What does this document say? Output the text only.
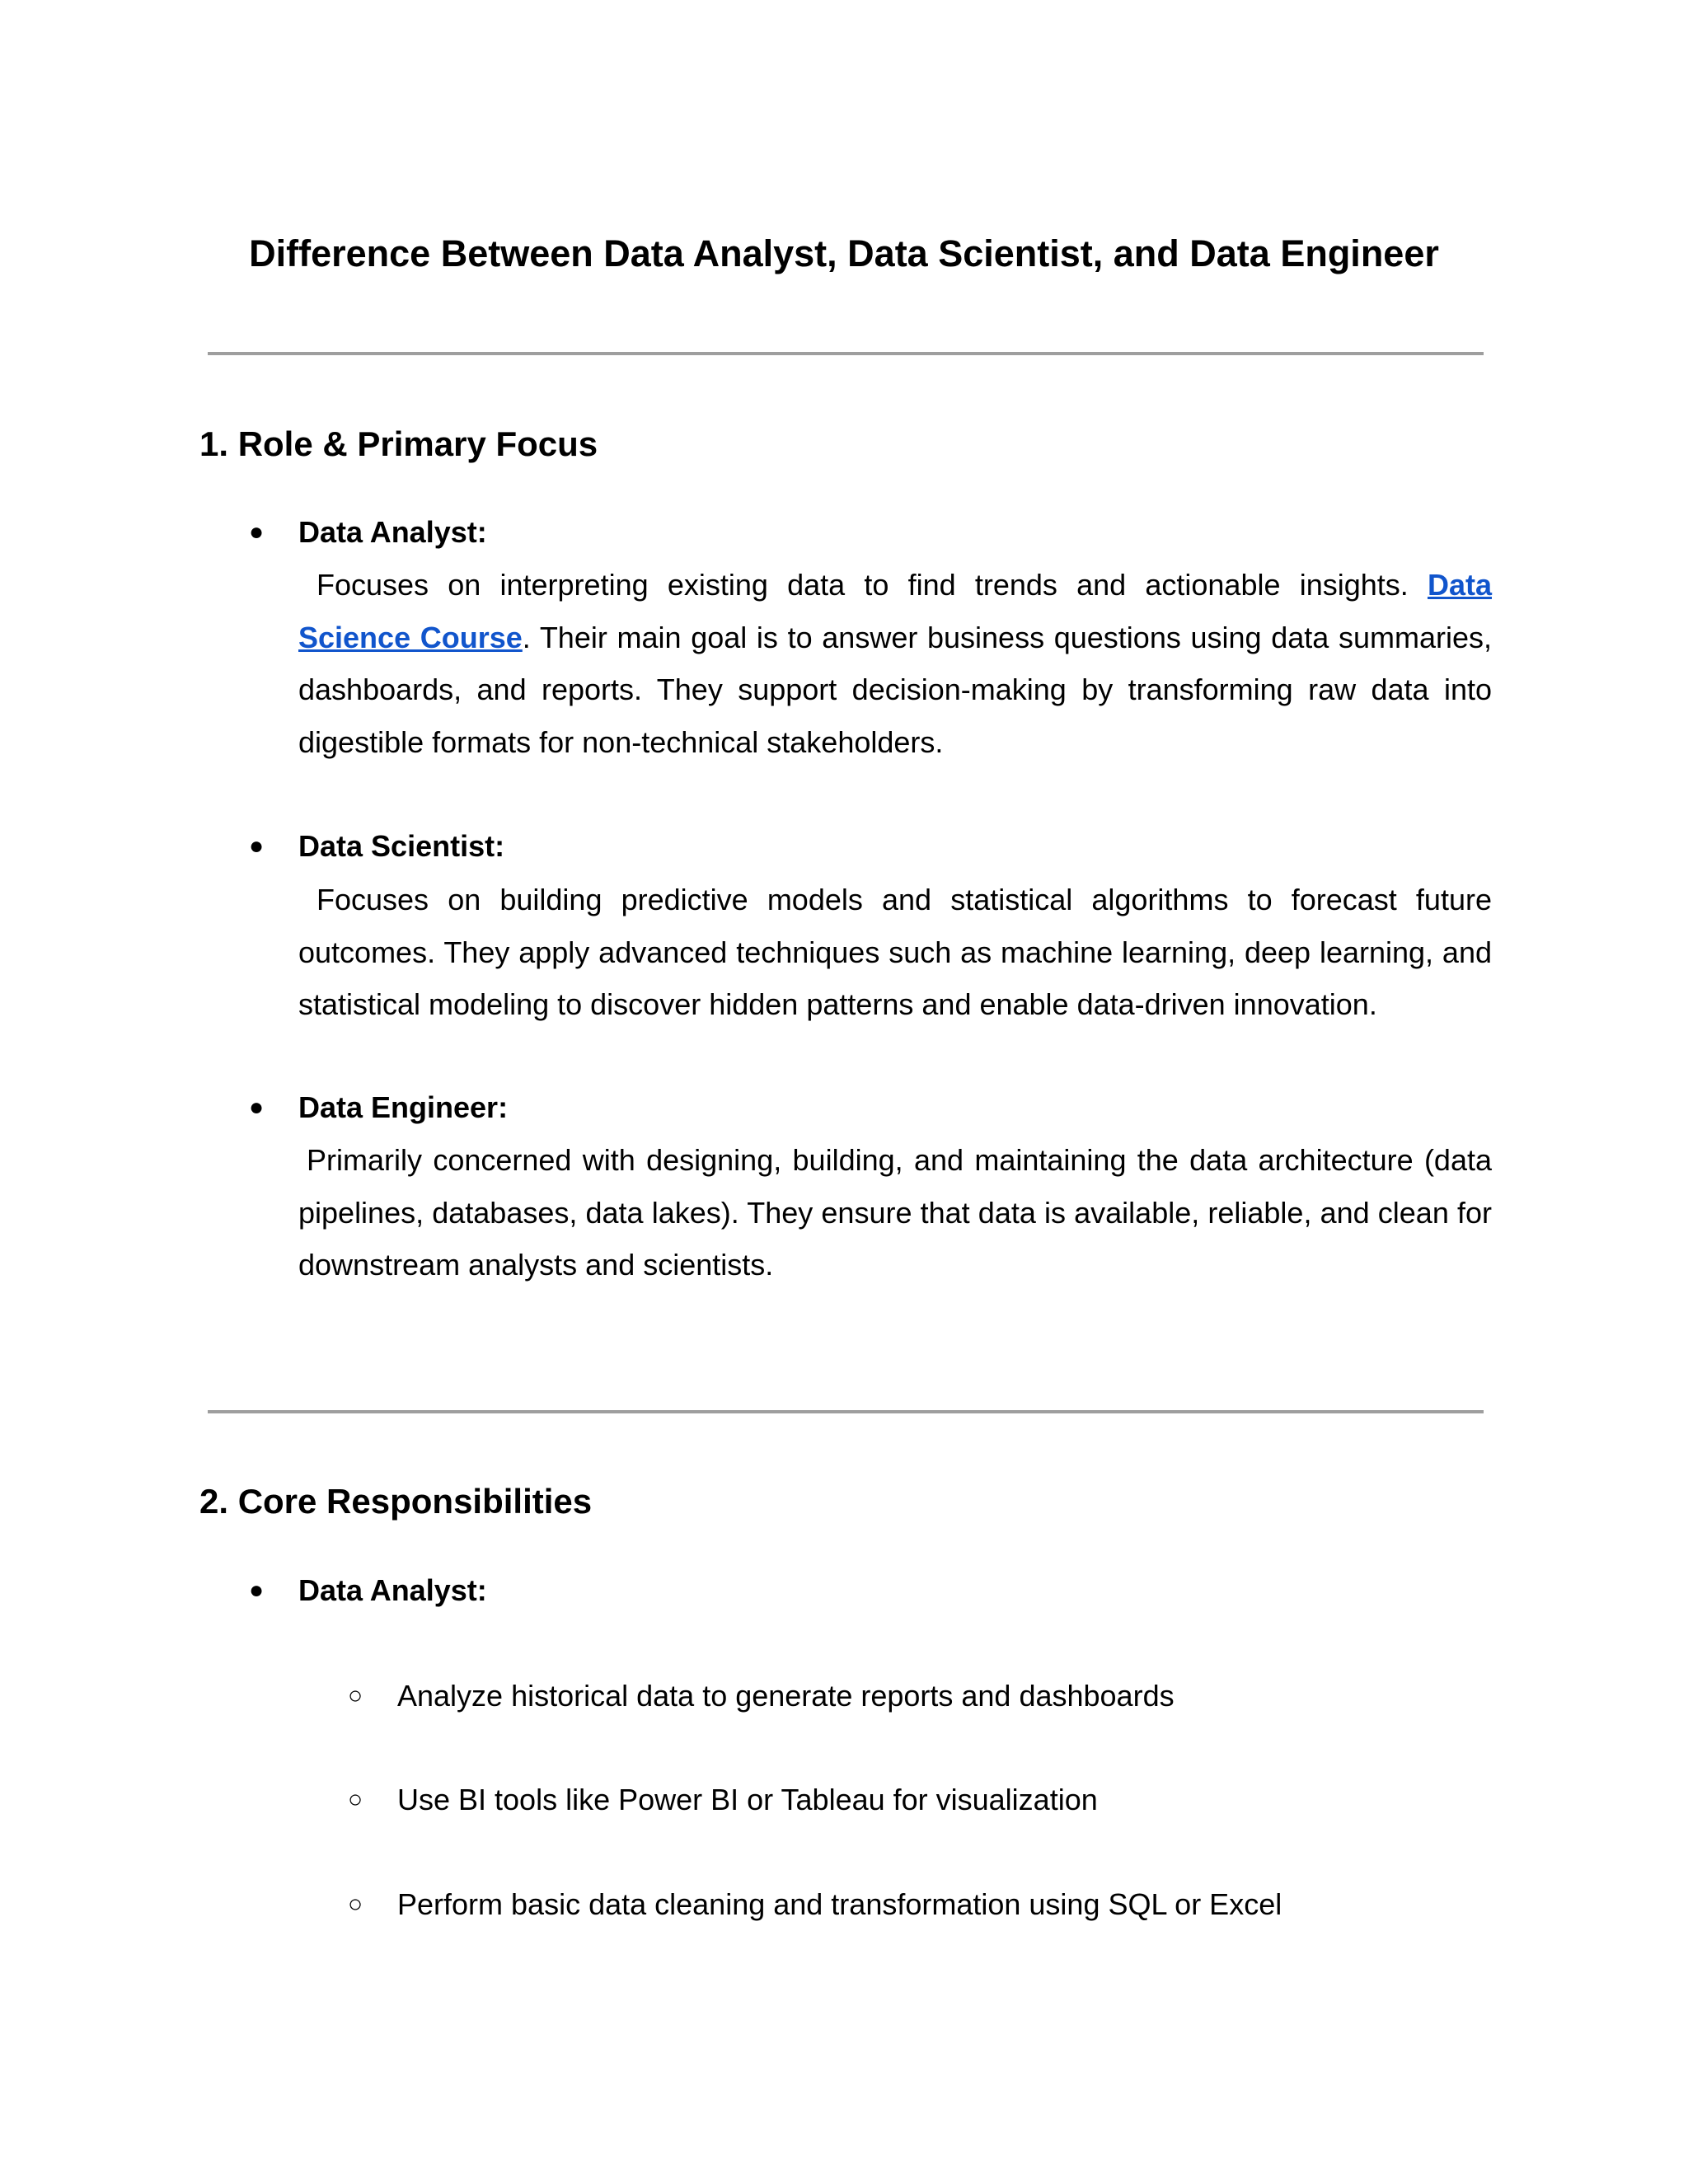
Difference Between Data Analyst, Data Scientist, and Data Engineer
1. Role & Primary Focus
● Data Analyst:

Focuses on interpreting existing data to find trends and actionable insights. Data Science Course. Their main goal is to answer business questions using data summaries, dashboards, and reports. They support decision-making by transforming raw data into digestible formats for non-technical stakeholders.

● Data Scientist:

Focuses on building predictive models and statistical algorithms to forecast future outcomes. They apply advanced techniques such as machine learning, deep learning, and statistical modeling to discover hidden patterns and enable data-driven innovation.

● Data Engineer:

Primarily concerned with designing, building, and maintaining the data architecture (data pipelines, databases, data lakes). They ensure that data is available, reliable, and clean for downstream analysts and scientists.

2. Core Responsibilities
● Data Analyst:

○ Analyze historical data to generate reports and dashboards

○ Use BI tools like Power BI or Tableau for visualization

○ Perform basic data cleaning and transformation using SQL or Excel
